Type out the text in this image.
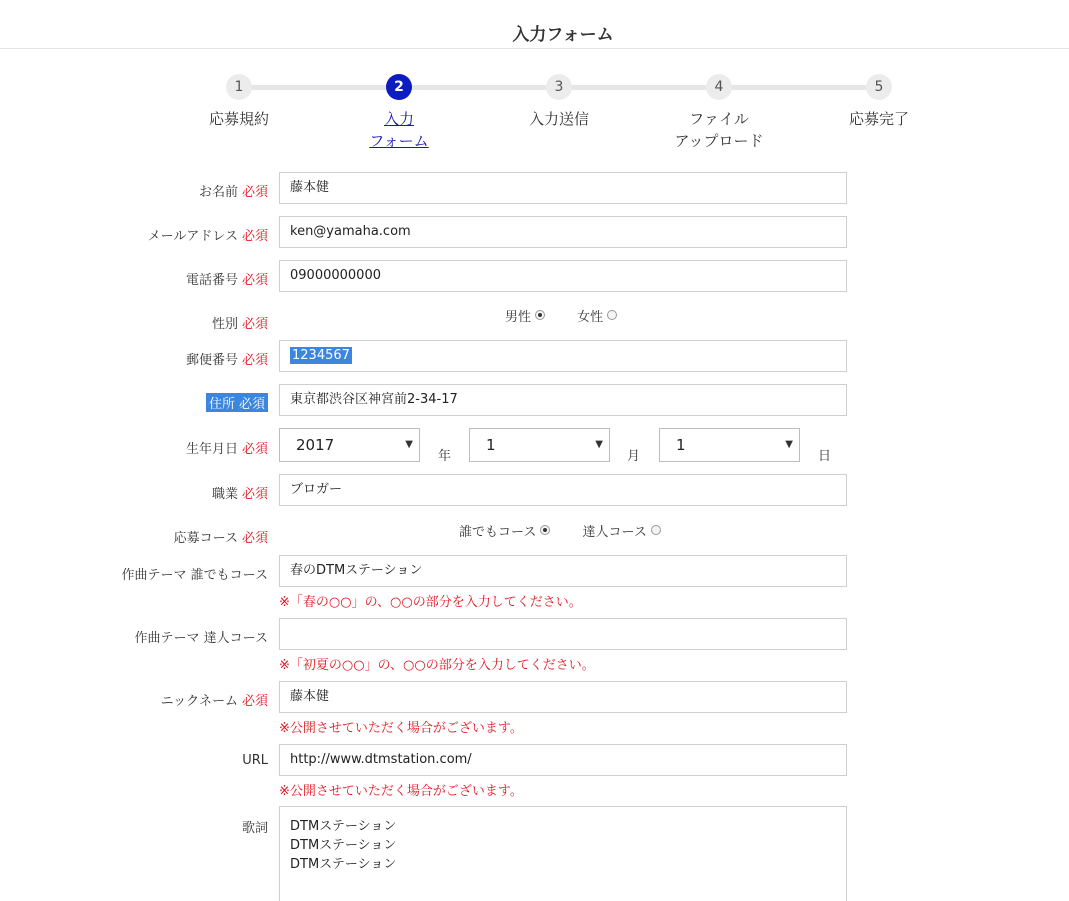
入力フォーム
1
応募規約
2
入力
フォーム
3
入力送信
4
ファイル
アップロード
5
応募完了
お名前 必須	藤本健
メールアドレス 必須	ken@yamaha.com
電話番号 必須	09000000000
性別 必須	男性	女性
郵便番号 必須	1234567
住所 必須	東京都渋谷区神宮前2-34-17
生年月日 必須	2017	▼
年
1	▼
月
1	▼
日
職業 必須	ブロガー
応募コース 必須	誰でもコース	達人コース
作曲テーマ 誰でもコース	春のDTMステーション
※「春の○○」の、○○の部分を入力してください。
作曲テーマ 達人コース
※「初夏の○○」の、○○の部分を入力してください。
ニックネーム 必須	藤本健
※公開させていただく場合がございます。
URL	http://www.dtmstation.com/
※公開させていただく場合がございます。
歌詞 DTMステーション
DTMステーション
DTMステーション
